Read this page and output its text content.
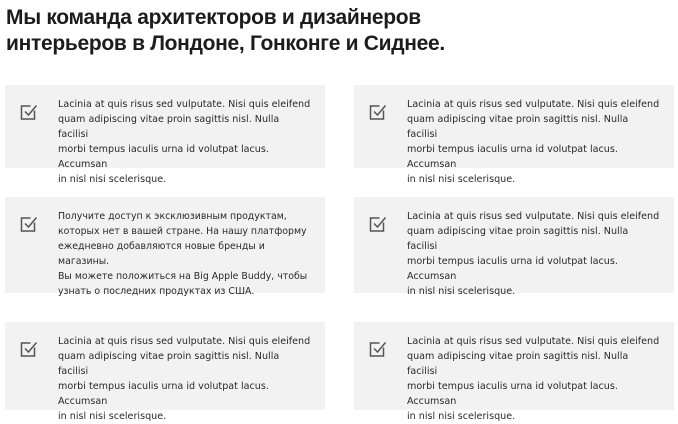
Мы команда архитекторов и дизайнеров
интерьеров в Лондоне, Гонконге и Сиднее.

Lacinia at quis risus sed vulputate. Nisi quis eleifend
quam adipiscing vitae proin sagittis nisl. Nulla facilisi
morbi tempus iaculis urna id volutpat lacus. Accumsan
in nisl nisi scelerisque.

Lacinia at quis risus sed vulputate. Nisi quis eleifend
quam adipiscing vitae proin sagittis nisl. Nulla facilisi
morbi tempus iaculis urna id volutpat lacus. Accumsan
in nisl nisi scelerisque.

Получите доступ к эксклюзивным продуктам,
которых нет в вашей стране. На нашу платформу
ежедневно добавляются новые бренды и магазины.
Вы можете положиться на Big Apple Buddy, чтобы
узнать о последних продуктах из США.

Lacinia at quis risus sed vulputate. Nisi quis eleifend
quam adipiscing vitae proin sagittis nisl. Nulla facilisi
morbi tempus iaculis urna id volutpat lacus. Accumsan
in nisl nisi scelerisque.

Lacinia at quis risus sed vulputate. Nisi quis eleifend
quam adipiscing vitae proin sagittis nisl. Nulla facilisi
morbi tempus iaculis urna id volutpat lacus. Accumsan
in nisl nisi scelerisque.

Lacinia at quis risus sed vulputate. Nisi quis eleifend
quam adipiscing vitae proin sagittis nisl. Nulla facilisi
morbi tempus iaculis urna id volutpat lacus. Accumsan
in nisl nisi scelerisque.
